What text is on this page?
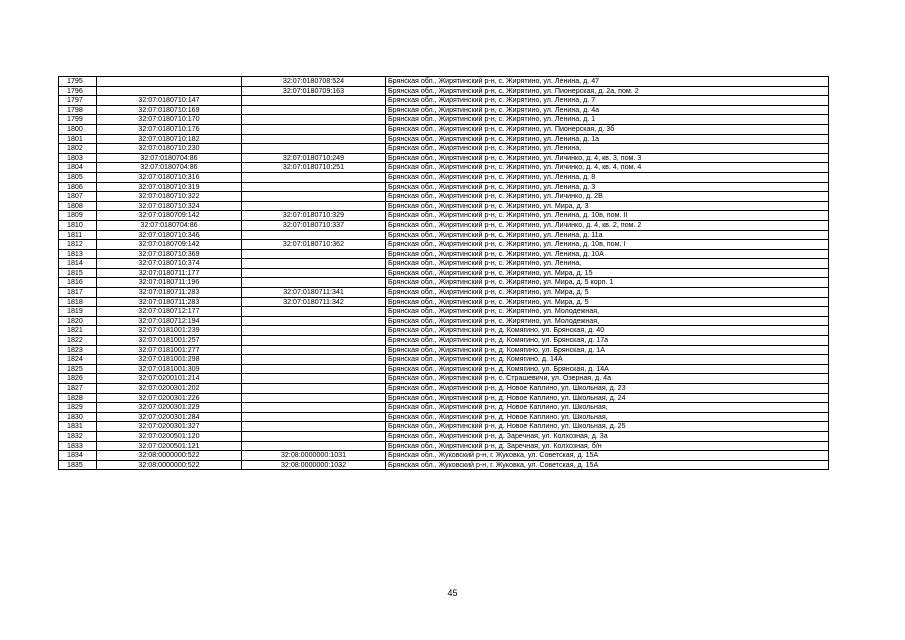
1795		32:07:0180708:524	Брянская обл., Жирятинский р-н, с. Жирятино, ул. Ленина, д. 47
1796		32:07:0180709:163	Брянская обл., Жирятинский р-н, с. Жирятино, ул. Пионерская, д. 2а, пом. 2
1797	32:07:0180710:147		Брянская обл., Жирятинский р-н, с. Жирятино, ул. Ленина, д. 7
1798	32:07:0180710:169		Брянская обл., Жирятинский р-н, с. Жирятино, ул. Ленина, д. 4а
1799	32:07:0180710:170		Брянская обл., Жирятинский р-н, с. Жирятино, ул. Ленина, д. 1
1800	32:07:0180710:176		Брянская обл., Жирятинский р-н, с. Жирятино, ул. Пионерская, д. 3б
1801	32:07:0180710:182		Брянская обл., Жирятинский р-н, с. Жирятино, ул. Ленина, д. 1а
1802	32:07:0180710:230		Брянская обл., Жирятинский р-н, с. Жирятино, ул. Ленина,
1803	32:07:0180704:86	32:07:0180710:249	Брянская обл., Жирятинский р-н, с. Жирятино, ул. Личинко, д. 4, кв. 3, пом. 3
1804	32:07:0180704:86	32:07:0180710:251	Брянская обл., Жирятинский р-н, с. Жирятино, ул. Личинко, д. 4, кв. 4, пом. 4
1805	32:07:0180710:316		Брянская обл., Жирятинский р-н, с. Жирятино, ул. Ленина, д. 8
1806	32:07:0180710:319		Брянская обл., Жирятинский р-н, с. Жирятино, ул. Ленина, д. 3
1807	32:07:0180710:322		Брянская обл., Жирятинский р-н, с. Жирятино, ул. Личинко, д. 2В
1808	32:07:0180710:324		Брянская обл., Жирятинский р-н, с. Жирятино, ул. Мира, д. 3
1809	32:07:0180709:142	32:07:0180710:329	Брянская обл., Жирятинский р-н, с. Жирятино, ул. Ленина, д. 10в, пом. II
1810	32:07:0180704:86	32:07:0180710:337	Брянская обл., Жирятинский р-н, с. Жирятино, ул. Личинко, д. 4, кв. 2, пом. 2
1811	32:07:0180710:346		Брянская обл., Жирятинский р-н, с. Жирятино, ул. Ленина, д. 11а
1812	32:07:0180709:142	32:07:0180710:362	Брянская обл., Жирятинский р-н, с. Жирятино, ул. Ленина, д. 10в, пом. I
1813	32:07:0180710:369		Брянская обл., Жирятинский р-н, с. Жирятино, ул. Ленина, д. 10А
1814	32:07:0180710:374		Брянская обл., Жирятинский р-н, с. Жирятино, ул. Ленина,
1815	32:07:0180711:177		Брянская обл., Жирятинский р-н, с. Жирятино, ул. Мира, д. 15
1816	32:07:0180711:196		Брянская обл., Жирятинский р-н, с. Жирятино, ул. Мира, д. 5 корп. 1
1817	32:07:0180711:283	32:07:0180711:341	Брянская обл., Жирятинский р-н, с. Жирятино, ул. Мира, д. 5
1818	32:07:0180711:283	32:07:0180711:342	Брянская обл., Жирятинский р-н, с. Жирятино, ул. Мира, д. 5
1819	32:07:0180712:177		Брянская обл., Жирятинский р-н, с. Жирятино, ул. Молодежная,
1820	32:07:0180712:194		Брянская обл., Жирятинский р-н, с. Жирятино, ул. Молодежная,
1821	32:07:0181001:239		Брянская обл., Жирятинский р-н, д. Комягино, ул. Брянская, д. 40
1822	32:07:0181001:257		Брянская обл., Жирятинский р-н, д. Комягино, ул. Брянская, д. 17а
1823	32:07:0181001:277		Брянская обл., Жирятинский р-н, д. Комягино, ул. Брянская, д. 1А
1824	32:07:0181001:298		Брянская обл., Жирятинский р-н, д. Комягино, д. 14А
1825	32:07:0181001:309		Брянская обл., Жирятинский р-н, д. Комягино, ул. Брянская, д. 14А
1826	32:07:0200101:214		Брянская обл., Жирятинский р-н, с. Страшевичи, ул. Озерная, д. 4а
1827	32:07:0200301:202		Брянская обл., Жирятинский р-н, д. Новое Каплино, ул. Школьная, д. 23
1828	32:07:0200301:226		Брянская обл., Жирятинский р-н, д. Новое Каплино, ул. Школьная, д. 24
1829	32:07:0200301:229		Брянская обл., Жирятинский р-н, д. Новое Каплино, ул. Школьная,
1830	32:07:0200301:284		Брянская обл., Жирятинский р-н, д. Новое Каплино, ул. Школьная,
1831	32:07:0200301:327		Брянская обл., Жирятинский р-н, д. Новое Каплино, ул. Школьная, д. 25
1832	32:07:0200501:120		Брянская обл., Жирятинский р-н, д. Заречная, ул. Колхозная, д. 3а
1833	32:07:0200501:121		Брянская обл., Жирятинский р-н, д. Заречная, ул. Колхозная, б/н
1834	32:08:0000000:522	32:08:0000000:1031	Брянская обл., Жуковский р-н, г. Жуковка, ул. Советская, д. 15А
1835	32:08:0000000:522	32:08:0000000:1032	Брянская обл., Жуковский р-н, г. Жуковка, ул. Советская, д. 15А
45
